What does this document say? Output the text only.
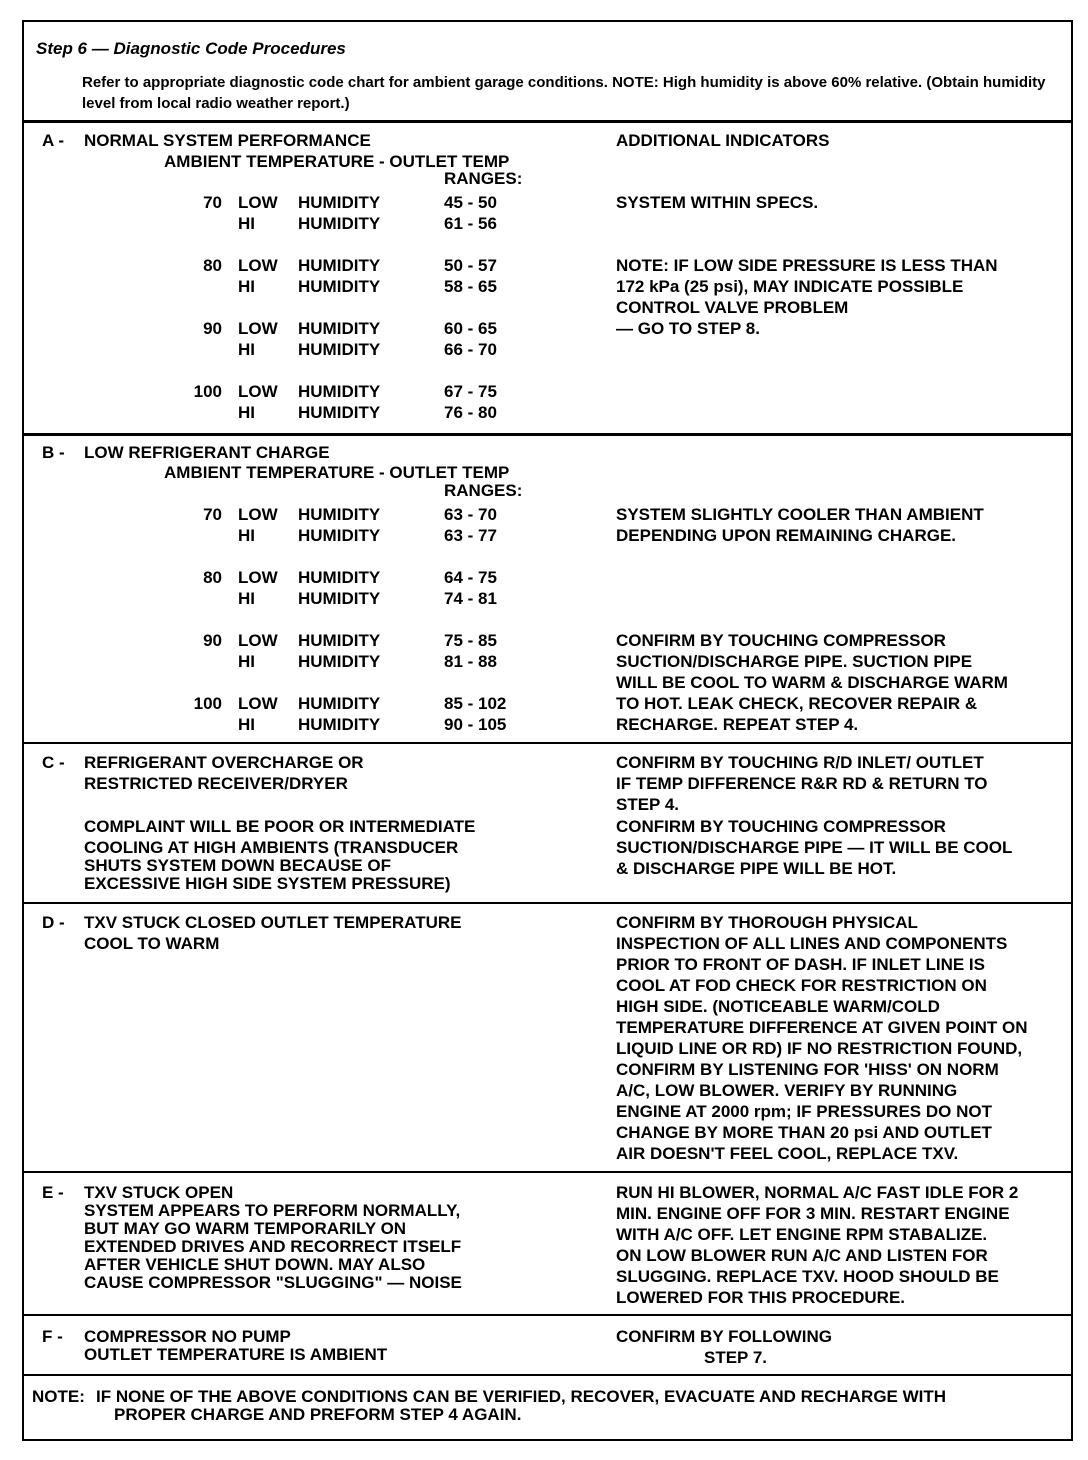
Step 6 — Diagnostic Code Procedures
Refer to appropriate diagnostic code chart for ambient garage conditions. NOTE: High humidity is above 60% relative. (Obtain humidity level from local radio weather report.)
A - NORMAL SYSTEM PERFORMANCE
AMBIENT TEMPERATURE - OUTLET TEMP
RANGES:
ADDITIONAL INDICATORS
70 LOW HUMIDITY	45 - 50
HI	HUMIDITY	61 - 56
80 LOW HUMIDITY	50 - 57
HI	HUMIDITY	58 - 65
90 LOW HUMIDITY	60 - 65
HI	HUMIDITY	66 - 70
100 LOW HUMIDITY	67 - 75
HI	HUMIDITY	76 - 80
SYSTEM WITHIN SPECS.
NOTE: IF LOW SIDE PRESSURE IS LESS THAN
172 kPa (25 psi), MAY INDICATE POSSIBLE
CONTROL VALVE PROBLEM
— GO TO STEP 8.
B - LOW REFRIGERANT CHARGE
AMBIENT TEMPERATURE - OUTLET TEMP
RANGES:
70 LOW HUMIDITY	63 - 70
HI	HUMIDITY	63 - 77
80 LOW HUMIDITY	64 - 75
HI	HUMIDITY	74 - 81
90 LOW HUMIDITY	75 - 85
HI	HUMIDITY	81 - 88
100 LOW HUMIDITY	85 - 102
HI	HUMIDITY	90 - 105
SYSTEM SLIGHTLY COOLER THAN AMBIENT
DEPENDING UPON REMAINING CHARGE.
CONFIRM BY TOUCHING COMPRESSOR
SUCTION/DISCHARGE PIPE. SUCTION PIPE
WILL BE COOL TO WARM & DISCHARGE WARM
TO HOT. LEAK CHECK, RECOVER REPAIR &
RECHARGE. REPEAT STEP 4.
C - REFRIGERANT OVERCHARGE OR
RESTRICTED RECEIVER/DRYER
COMPLAINT WILL BE POOR OR INTERMEDIATE
COOLING AT HIGH AMBIENTS (TRANSDUCER
SHUTS SYSTEM DOWN BECAUSE OF
EXCESSIVE HIGH SIDE SYSTEM PRESSURE)
CONFIRM BY TOUCHING R/D INLET/ OUTLET
IF TEMP DIFFERENCE R&R RD & RETURN TO
STEP 4.
CONFIRM BY TOUCHING COMPRESSOR
SUCTION/DISCHARGE PIPE — IT WILL BE COOL
& DISCHARGE PIPE WILL BE HOT.
D - TXV STUCK CLOSED OUTLET TEMPERATURE
COOL TO WARM
CONFIRM BY THOROUGH PHYSICAL
INSPECTION OF ALL LINES AND COMPONENTS
PRIOR TO FRONT OF DASH. IF INLET LINE IS
COOL AT FOD CHECK FOR RESTRICTION ON
HIGH SIDE. (NOTICEABLE WARM/COLD
TEMPERATURE DIFFERENCE AT GIVEN POINT ON
LIQUID LINE OR RD) IF NO RESTRICTION FOUND,
CONFIRM BY LISTENING FOR 'HISS' ON NORM
A/C, LOW BLOWER. VERIFY BY RUNNING
ENGINE AT 2000 rpm; IF PRESSURES DO NOT
CHANGE BY MORE THAN 20 psi AND OUTLET
AIR DOESN'T FEEL COOL, REPLACE TXV.
E - TXV STUCK OPEN
SYSTEM APPEARS TO PERFORM NORMALLY,
BUT MAY GO WARM TEMPORARILY ON
EXTENDED DRIVES AND RECORRECT ITSELF
AFTER VEHICLE SHUT DOWN. MAY ALSO
CAUSE COMPRESSOR "SLUGGING" — NOISE
RUN HI BLOWER, NORMAL A/C FAST IDLE FOR 2
MIN. ENGINE OFF FOR 3 MIN. RESTART ENGINE
WITH A/C OFF. LET ENGINE RPM STABALIZE.
ON LOW BLOWER RUN A/C AND LISTEN FOR
SLUGGING. REPLACE TXV. HOOD SHOULD BE
LOWERED FOR THIS PROCEDURE.
F - COMPRESSOR NO PUMP
OUTLET TEMPERATURE IS AMBIENT
CONFIRM BY FOLLOWING
STEP 7.
NOTE: IF NONE OF THE ABOVE CONDITIONS CAN BE VERIFIED, RECOVER, EVACUATE AND RECHARGE WITH
PROPER CHARGE AND PREFORM STEP 4 AGAIN.
